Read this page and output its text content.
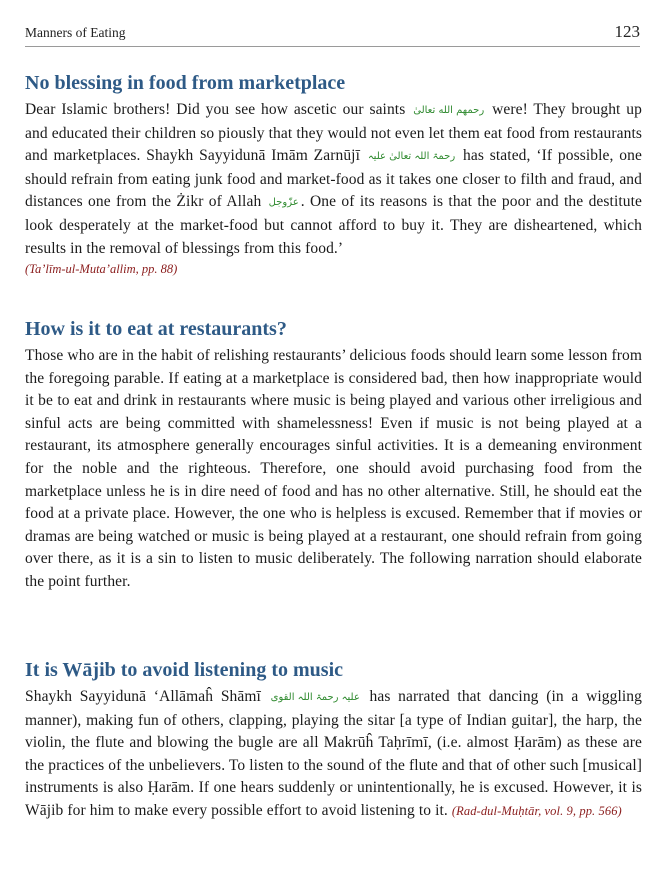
Manners of Eating	123
No blessing in food from marketplace

Dear Islamic brothers! Did you see how ascetic our saints رحمهم الله تعالیٰ were! They brought up and educated their children so piously that they would not even let them eat food from restaurants and marketplaces. Shaykh Sayyidunā Imām Zarnūjī رحمۃ اللہ تعالیٰ علیہ has stated, ‘If possible, one should refrain from eating junk food and market-food as it takes one closer to filth and fraud, and distances one from the Żikr of Allah عزّوجل . One of its reasons is that the poor and the destitute look desperately at the market-food but cannot afford to buy it. They are disheartened, which results in the removal of blessings from this food.’

(Ta’līm-ul-Muta’allim, pp. 88)
How is it to eat at restaurants?

Those who are in the habit of relishing restaurants’ delicious foods should learn some lesson from the foregoing parable. If eating at a marketplace is considered bad, then how inappropriate would it be to eat and drink in restaurants where music is being played and various other irreligious and sinful acts are being committed with shamelessness! Even if music is not being played at a restaurant, its atmosphere generally encourages sinful activities. It is a demeaning environment for the noble and the righteous. Therefore, one should avoid purchasing food from the marketplace unless he is in dire need of food and has no other alternative. Still, he should eat the food at a private place. However, the one who is helpless is excused. Remember that if movies or dramas are being watched or music is being played at a restaurant, one should refrain from going over there, as it is a sin to listen to music deliberately. The following narration should elaborate the point further.

It is Wājib to avoid listening to music

Shaykh Sayyidunā ‘Allāmaĥ Shāmī علیہ رحمۃ اللہ القوی has narrated that dancing (in a wiggling manner), making fun of others, clapping, playing the sitar [a type of Indian guitar], the harp, the violin, the flute and blowing the bugle are all Makrūĥ Taḥrīmī, (i.e. almost Ḥarām) as these are the practices of the unbelievers. To listen to the sound of the flute and that of other such [musical] instruments is also Ḥarām. If one hears suddenly or unintentionally, he is excused. However, it is Wājib for him to make every possible effort to avoid listening to it. (Rad-dul-Muḥtār, vol. 9, pp. 566)
